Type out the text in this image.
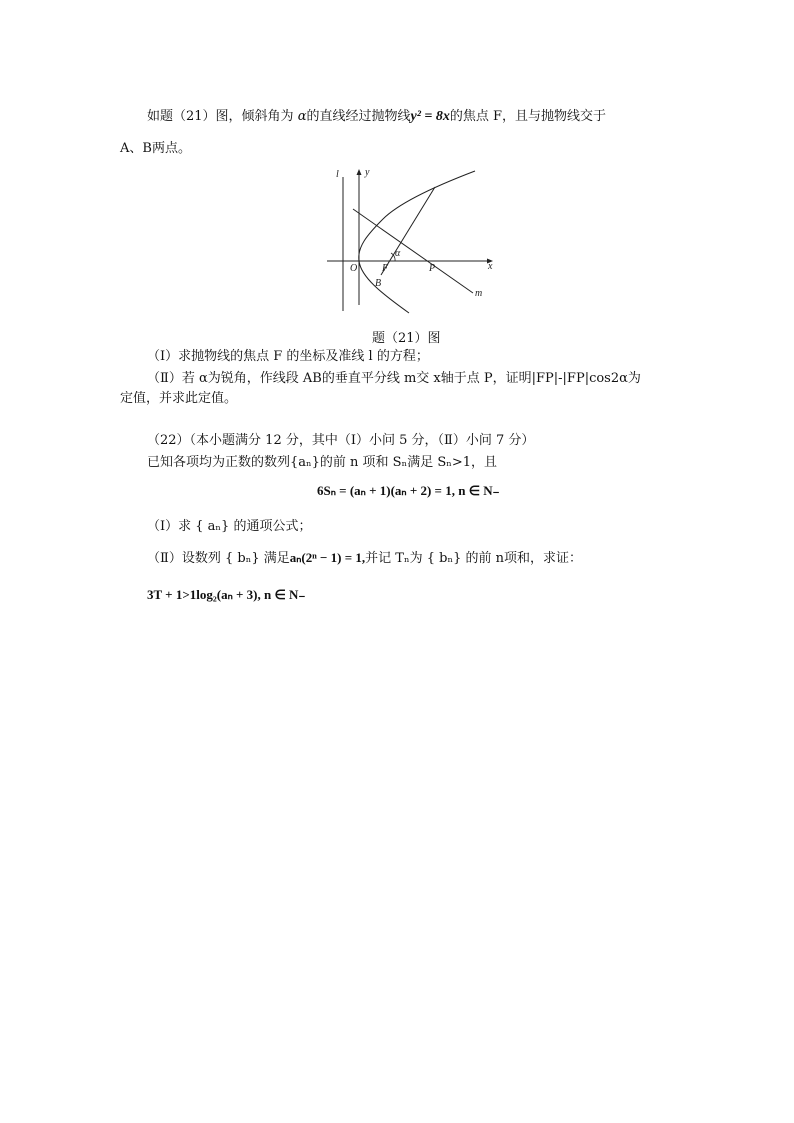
如题（21）图，倾斜角为 α的直线经过抛物线y² = 8x的焦点 F，且与抛物线交于
A、B两点。
l	y
x
O F
α
P
B
m
题（21）图
（Ⅰ）求抛物线的焦点 F 的坐标及准线 l 的方程；
（Ⅱ）若 α为锐角，作线段 AB的垂直平分线 m交 x轴于点 P，证明|FP|-|FP|cos2α为
定值，并求此定值。
（22）（本小题满分 12 分，其中（Ⅰ）小问 5 分，（Ⅱ）小问 7 分）
已知各项均为正数的数列{aₙ}的前 n 项和 Sₙ满足 Sₙ>1，且
6Sₙ = (aₙ + 1)(aₙ + 2) = 1, n ∈ N₋
（Ⅰ）求 { aₙ} 的通项公式；
（Ⅱ）设数列 { bₙ} 满足aₙ(2ⁿ − 1) = 1,并记 Tₙ为 { bₙ} 的前 n项和，求证：
3T + 1>1log₂(aₙ + 3), n ∈ N₋
